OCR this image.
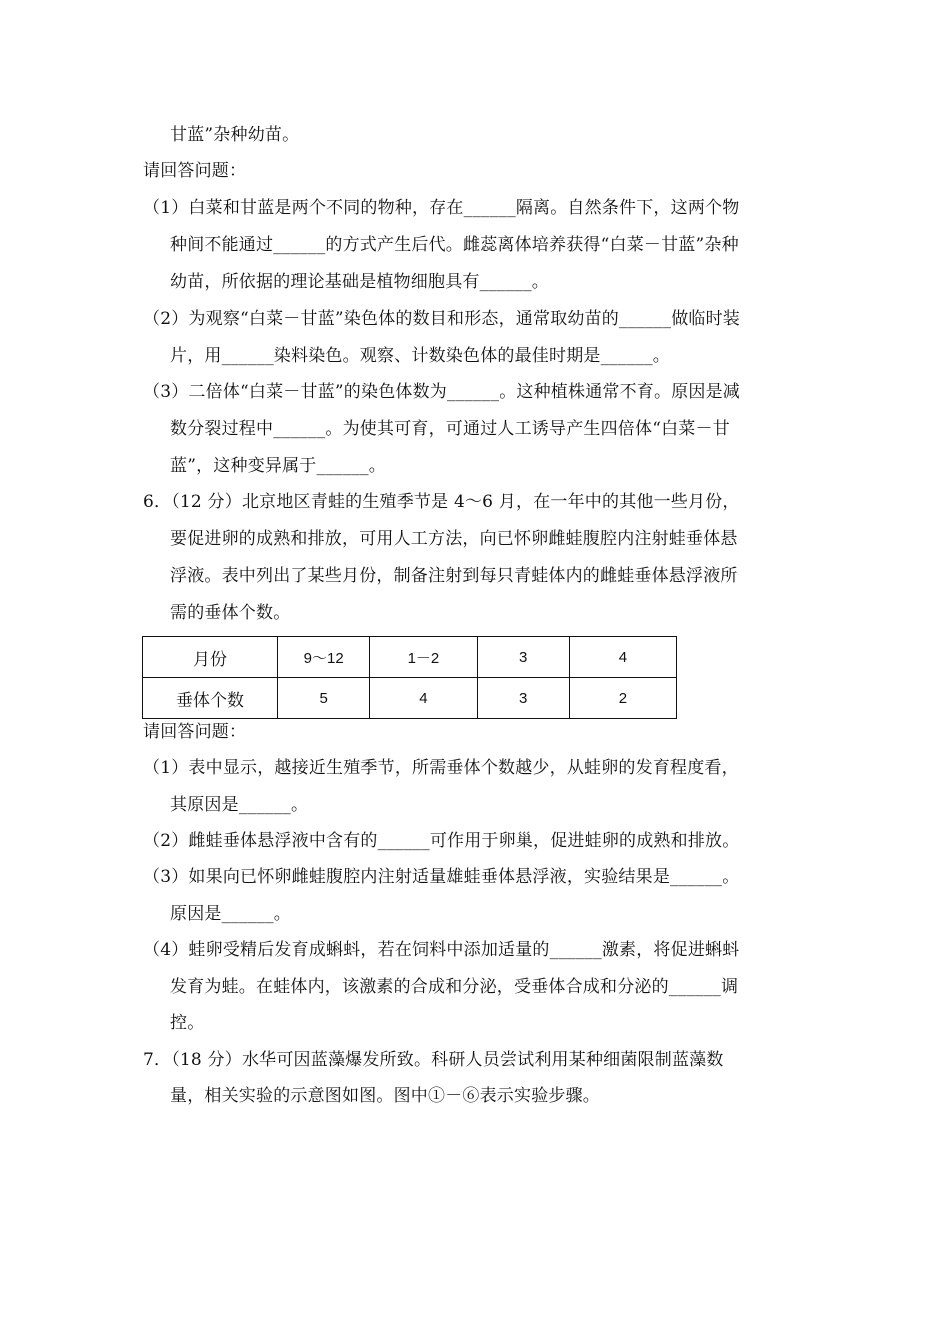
甘蓝”杂种幼苗。
请回答问题：
（1）白菜和甘蓝是两个不同的物种，存在______隔离。自然条件下，这两个物
种间不能通过______的方式产生后代。雌蕊离体培养获得“白菜－甘蓝”杂种
幼苗，所依据的理论基础是植物细胞具有______。
（2）为观察“白菜－甘蓝”染色体的数目和形态，通常取幼苗的______做临时装
片，用______染料染色。观察、计数染色体的最佳时期是______。
（3）二倍体“白菜－甘蓝”的染色体数为______。这种植株通常不育。原因是减
数分裂过程中______。为使其可育，可通过人工诱导产生四倍体“白菜－甘
蓝”，这种变异属于______。
6．（12 分）北京地区青蛙的生殖季节是 4～6 月，在一年中的其他一些月份，
要促进卵的成熟和排放，可用人工方法，向已怀卵雌蛙腹腔内注射蛙垂体悬
浮液。表中列出了某些月份，制备注射到每只青蛙体内的雌蛙垂体悬浮液所
需的垂体个数。
月份	9～12	1－2	3	4
垂体个数	5	4	3	2
请回答问题：
（1）表中显示，越接近生殖季节，所需垂体个数越少，从蛙卵的发育程度看，
其原因是______。
（2）雌蛙垂体悬浮液中含有的______可作用于卵巢，促进蛙卵的成熟和排放。
（3）如果向已怀卵雌蛙腹腔内注射适量雄蛙垂体悬浮液，实验结果是______。
原因是______。
（4）蛙卵受精后发育成蝌蚪，若在饲料中添加适量的______激素，将促进蝌蚪
发育为蛙。在蛙体内，该激素的合成和分泌，受垂体合成和分泌的______调
控。
7．（18 分）水华可因蓝藻爆发所致。科研人员尝试利用某种细菌限制蓝藻数
量，相关实验的示意图如图。图中①－⑥表示实验步骤。
